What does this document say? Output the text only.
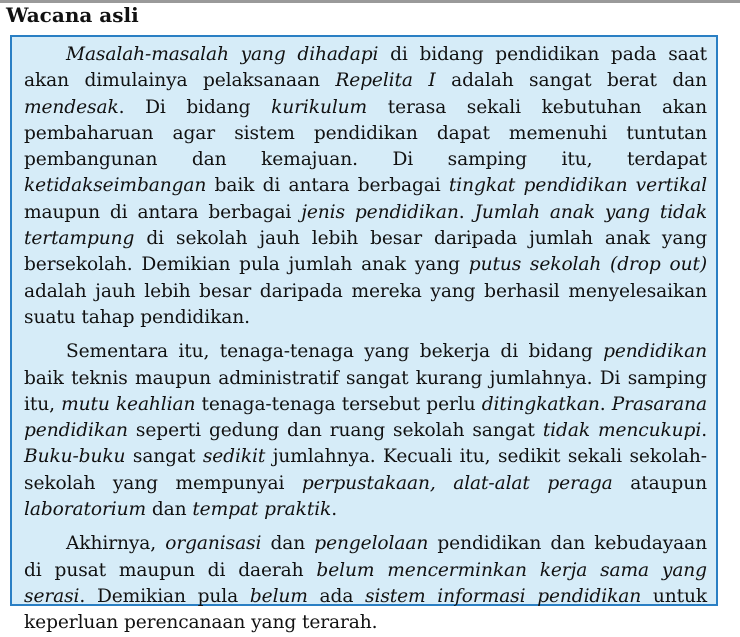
Wacana asli

Masalah-masalah yang dihadapi di bidang pendidikan pada saat akan dimulainya pelaksanaan Repelita I adalah sangat berat dan mendesak. Di bidang kurikulum terasa sekali kebutuhan akan pembaharuan agar sistem pendidikan dapat memenuhi tuntutan pembangunan dan kemajuan. Di samping itu, terdapat ketidakseimbangan baik di antara berbagai tingkat pendidikan vertikal maupun di antara berbagai jenis pendidikan. Jumlah anak yang tidak tertampung di sekolah jauh lebih besar daripada jumlah anak yang bersekolah. Demikian pula jumlah anak yang putus sekolah (drop out) adalah jauh lebih besar daripada mereka yang berhasil menyelesaikan suatu tahap pendidikan.

Sementara itu, tenaga-tenaga yang bekerja di bidang pendidikan baik teknis maupun administratif sangat kurang jumlahnya. Di samping itu, mutu keahlian tenaga-tenaga tersebut perlu ditingkatkan. Prasarana pendidikan seperti gedung dan ruang sekolah sangat tidak mencukupi. Buku-buku sangat sedikit jumlahnya. Kecuali itu, sedikit sekali sekolah-sekolah yang mempunyai perpustakaan, alat-alat peraga ataupun laboratorium dan tempat praktik.

Akhirnya, organisasi dan pengelolaan pendidikan dan kebudayaan di pusat maupun di daerah belum mencerminkan kerja sama yang serasi. Demikian pula belum ada sistem informasi pendidikan untuk keperluan perencanaan yang terarah.
